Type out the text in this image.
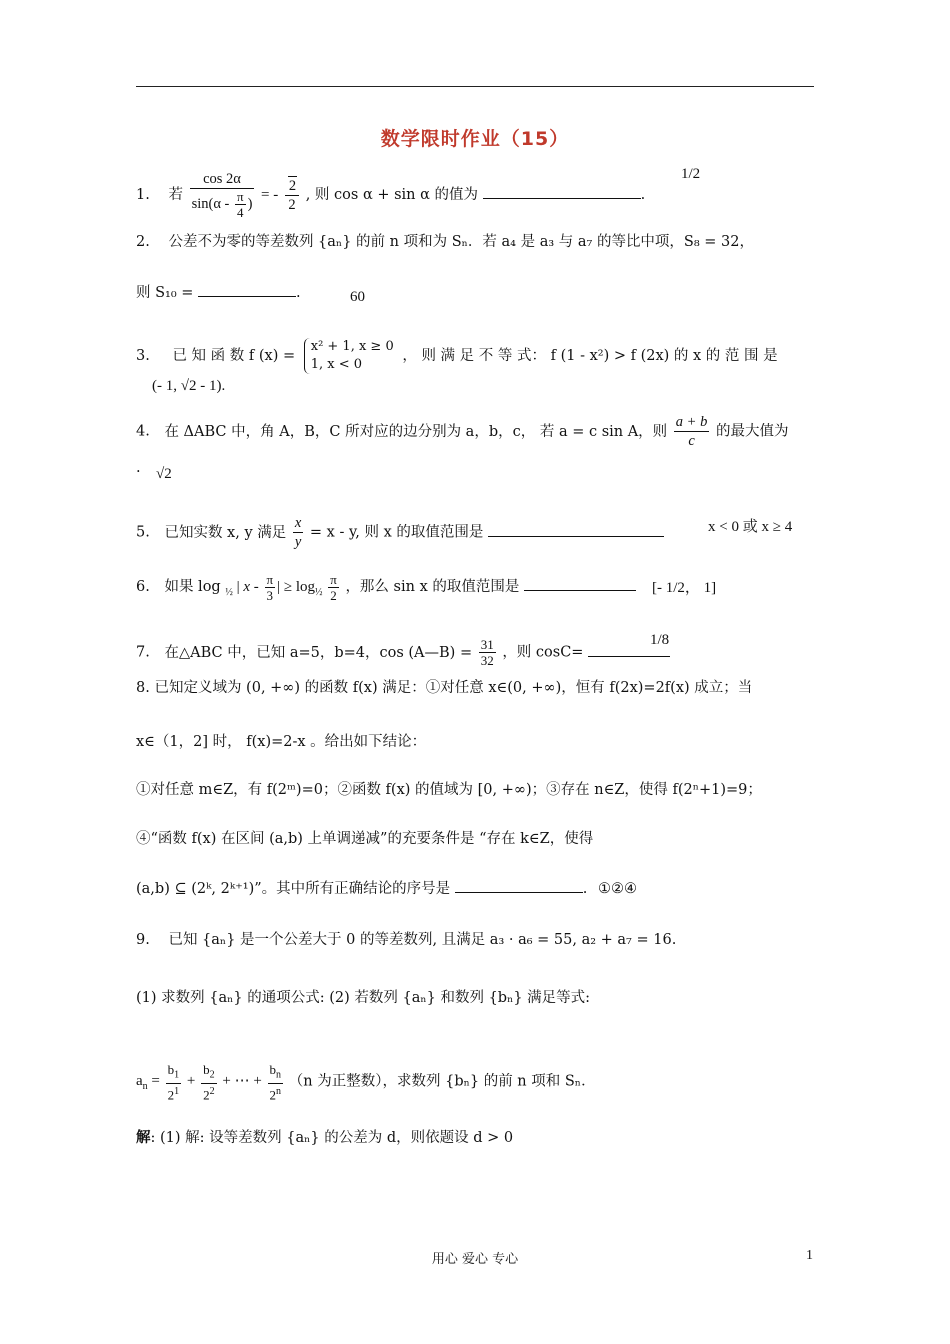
数学限时作业（15）
1. 若 $\frac{\cos 2\alpha}{\sin(\alpha - \frac{\pi}{4} )}$ = - $\frac{2}{2}$ , 则 cos α + sin α 的值为	.
1/2
2. 公差不为零的等差数列 {aₙ} 的前 n 项和为 Sₙ．若 a₄ 是 a₃ 与 a₇ 的等比中项，S₈ = 32，
则 S₁₀ =	.	60
3. 已 知 函 数 f (x) =
x² + 1, x ≥ 0
1, x < 0
， 则 满 足 不 等 式： f (1 - x²) > f (2x) 的 x 的 范 围 是
(- 1, √2 - 1).
4. 在 ΔABC 中，角 A，B，C 所对应的边分别为 a，b，c， 若 a = c sin A，则 $\frac{a + b}{c}$ 的最大值为
. √2
5. 已知实数 x, y 满足 $\frac{x}{y} = x - y$, 则 x 的取值范围是	x < 0 或 x ≥ 4
6. 如果 log $_{\frac{1}{2}}$ | x - $\frac{\pi}{3}$ | ≥ $\log_{\frac{1}{2}} \frac{\pi}{2}$ ，那么 sin x 的取值范围是	[- 1/2， 1]
7. 在△ABC 中，已知 a=5，b=4，cos (A—B) = $\frac{31}{32}$ ，则 cosC=
1/8
8. 已知定义域为 (0, +∞) 的函数 f(x) 满足：①对任意 x∈(0, +∞)，恒有 f(2x)=2f(x) 成立；当
x∈（1，2] 时， f(x)=2-x 。给出如下结论：
①对任意 m∈Z，有 f(2ᵐ)=0；②函数 f(x) 的值域为 [0, +∞)；③存在 n∈Z，使得 f(2ⁿ+1)=9；
④“函数 f(x) 在区间 (a,b) 上单调递减”的充要条件是 “存在 k∈Z，使得
(a,b) ⊆ (2ᵏ, 2ᵏ⁺¹)”。其中所有正确结论的序号是	. ①②④
9. 已知 {aₙ} 是一个公差大于 0 的等差数列, 且满足 a₃ · a₆ = 55, a₂ + a₇ = 16.
(1) 求数列 {aₙ} 的通项公式: (2) 若数列 {aₙ} 和数列 {bₙ} 满足等式:
$a_n = \frac{b_1}{2^1} + \frac{b_2}{2^2}$ + ⋯ + $\frac{b_n}{2^n} (n$ 为正整数），求数列 {bₙ} 的前 n 项和 Sₙ．
解: (1) 解: 设等差数列 {aₙ} 的公差为 d，则依题设 d > 0
用心 爱心 专心	1
